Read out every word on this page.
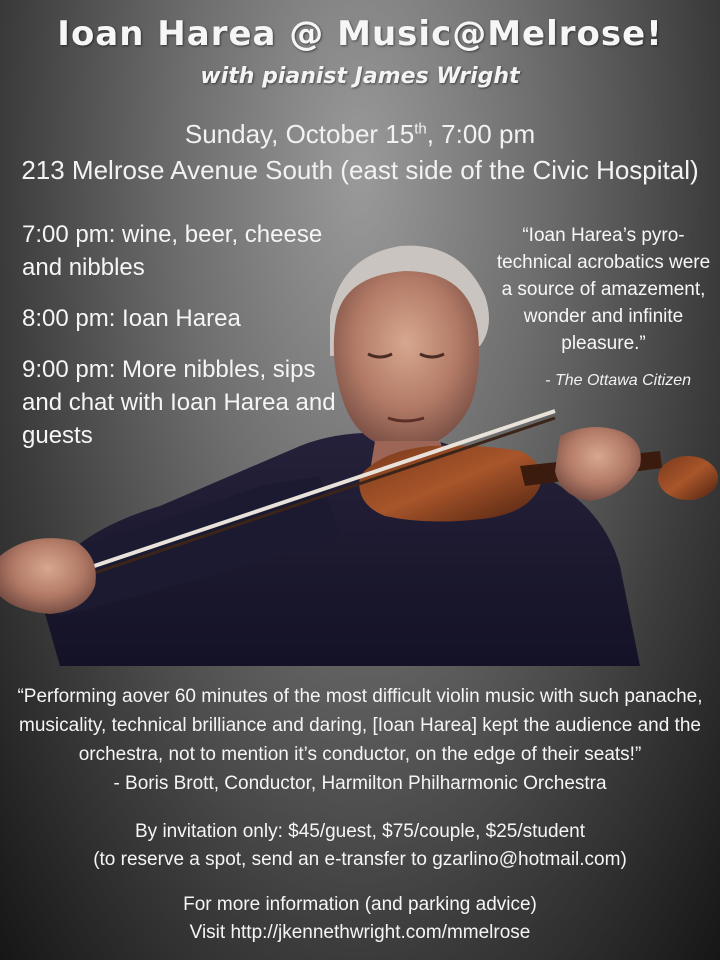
Ioan Harea @ Music@Melrose!
with pianist James Wright
Sunday, October 15th, 7:00 pm
213 Melrose Avenue South (east side of the Civic Hospital)

7:00 pm: wine, beer, cheese and nibbles

8:00 pm: Ioan Harea

9:00 pm: More nibbles, sips and chat with Ioan Harea and guests

“Ioan Harea’s pyro-technical acrobatics were a source of amazement, wonder and infinite pleasure.”
- The Ottawa Citizen
“Performing aover 60 minutes of the most difficult violin music with such panache, musicality, technical brilliance and daring, [Ioan Harea] kept the audience and the orchestra, not to mention it’s conductor, on the edge of their seats!”
- Boris Brott, Conductor, Harmilton Philharmonic Orchestra
By invitation only: $45/guest, $75/couple, $25/student
(to reserve a spot, send an e-transfer to gzarlino@hotmail.com)
For more information (and parking advice)
Visit http://jkennethwright.com/mmelrose
